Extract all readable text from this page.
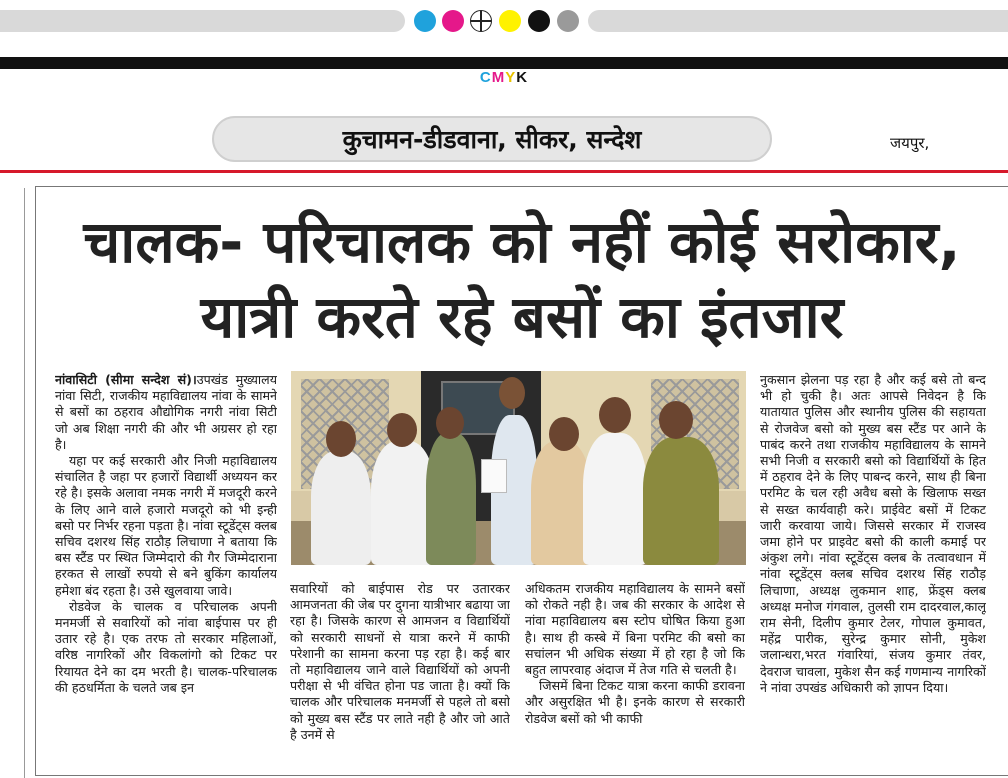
CMYK
कुचामन-डीडवाना, सीकर, सन्देश	जयपुर,
चालक- परिचालक को नहीं कोई सरोकार,
यात्री करते रहे बसों का इंतजार

नांवासिटी (सीमा सन्देश सं)।उपखंड मुख्यालय नांवा सिटी, राजकीय महाविद्यालय नांवा के सामने से बसों का ठहराव औद्योगिक नगरी नांवा सिटी जो अब शिक्षा नगरी की और भी अग्रसर हो रहा है।

यहा पर कई सरकारी और निजी महाविद्यालय संचालित है जहा पर हजारों विद्यार्थी अध्ययन कर रहे है। इसके अलावा नमक नगरी में मजदूरी करने के लिए आने वाले हजारो मजदूरो को भी इन्ही बसो पर निर्भर रहना पड़ता है। नांवा स्टूडेंट्स क्लब सचिव दशरथ सिंह राठौड़ लिचाणा ने बताया कि बस स्टैंड पर स्थित जिम्मेदारो की गैर जिम्मेदाराना हरकत से लाखों रुपयो से बने बुकिंग कार्यालय हमेशा बंद रहता है। उसे खुलवाया जावे।

रोडवेज के चालक व परिचालक अपनी मनमर्जी से सवारियों को नांवा बाईपास पर ही उतार रहे है। एक तरफ तो सरकार महिलाओं, वरिष्ठ नागरिकों और विकलांगो को टिकट पर रियायत देने का दम भरती है। चालक-परिचालक की हठधर्मिता के चलते जब इन

सवारियों को बाईपास रोड पर उतारकर आमजनता की जेब पर दुगना यात्रीभार बढाया जा रहा है। जिसके कारण से आमजन व विद्यार्थियों को सरकारी साधनों से यात्रा करने में काफी परेशानी का सामना करना पड़ रहा है। कई बार तो महाविद्यालय जाने वाले विद्यार्थियों को अपनी परीक्षा से भी वंचित होना पड जाता है। क्यों कि चालक और परिचालक मनमर्जी से पहले तो बसो को मुख्य बस स्टैंड पर लाते नही है और जो आते है उनमें से

अधिकतम राजकीय महाविद्यालय के सामने बसों को रोकते नही है। जब की सरकार के आदेश से नांवा महाविद्यालय बस स्टोप घोषित किया हुआ है। साथ ही कस्बे में बिना परमिट की बसो का सचांलन भी अधिक संख्या में हो रहा है जो कि बहुत लापरवाह अंदाज में तेज गति से चलती है।

जिसमें बिना टिकट यात्रा करना काफी डरावना और असुरक्षित भी है। इनके कारण से सरकारी रोडवेज बसों को भी काफी

नुकसान झेलना पड़ रहा है और कई बसे तो बन्द भी हो चुकी है। अतः आपसे निवेदन है कि यातायात पुलिस और स्थानीय पुलिस की सहायता से रोजवेज बसो को मुख्य बस स्टैंड पर आने के पाबंद करने तथा राजकीय महाविद्यालय के सामने सभी निजी व सरकारी बसो को विद्यार्थियों के हित में ठहराव देने के लिए पाबन्द करने, साथ ही बिना परमिट के चल रही अवैध बसो के खिलाफ सख्त से सख्त कार्यवाही करे। प्राईवेट बसों में टिकट जारी करवाया जाये। जिससे सरकार में राजस्व जमा होने पर प्राइवेट बसो की काली कमाई पर अंकुश लगे। नांवा स्टूडेंट्स क्लब के तत्वावधान में नांवा स्टूडेंट्स क्लब सचिव दशरथ सिंह राठौड़ लिचाणा, अध्यक्ष लुकमान शाह, फ्रेंड्स क्लब अध्यक्ष मनोज गंगवाल, तुलसी राम दादरवाल,कालू राम सेनी, दिलीप कुमार टेलर, गोपाल कुमावत, महेंद्र पारीक, सुरेन्द्र कुमार सोनी, मुकेश जलान्धरा,भरत गंवारियां, संजय कुमार तंवर, देवराज चावला, मुकेश सैन कई गणमान्य नागरिकों ने नांवा उपखंड अधिकारी को ज्ञापन दिया।
